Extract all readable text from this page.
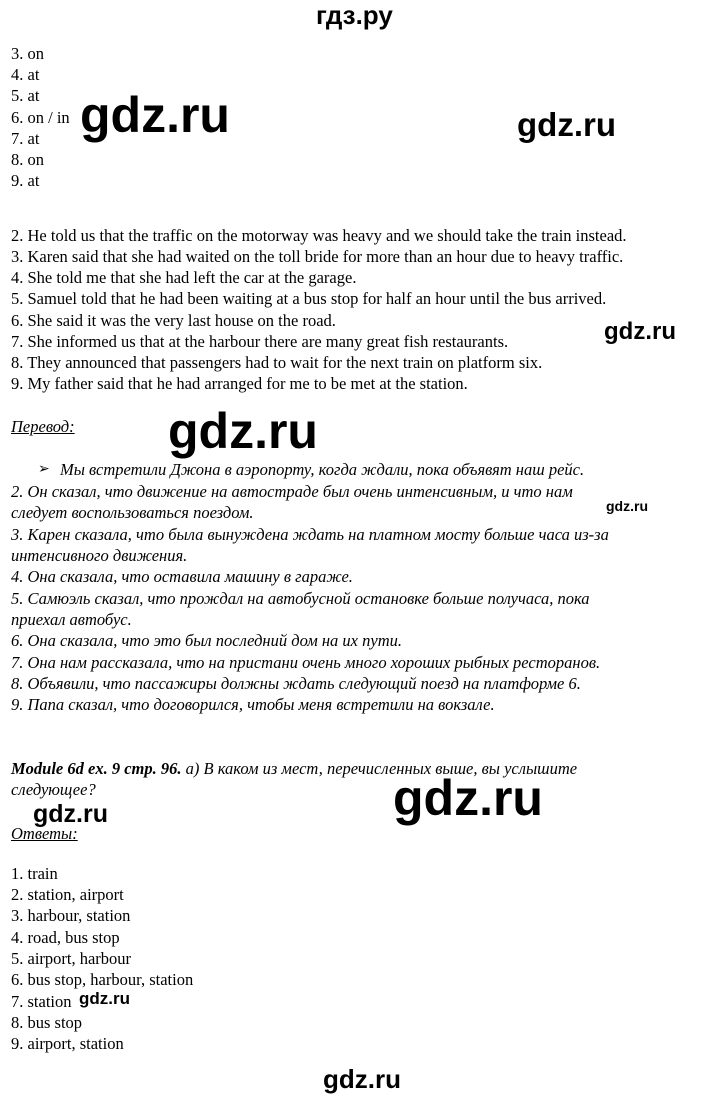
гдз.ру
3. on
4. at
5. at
6. on / in
7. at
8. on
9. at
2. He told us that the traffic on the motorway was heavy and we should take the train instead.
3. Karen said that she had waited on the toll bride for more than an hour due to heavy traffic.
4. She told me that she had left the car at the garage.
5. Samuel told that he had been waiting at a bus stop for half an hour until the bus arrived.
6. She said it was the very last house on the road.
7. She informed us that at the harbour there are many great fish restaurants.
8. They announced that passengers had to wait for the next train on platform six.
9. My father said that he had arranged for me to be met at the station.
Перевод:
➢ Мы встретили Джона в аэропорту, когда ждали, пока объявят наш рейс.
2. Он сказал, что движение на автостраде был очень интенсивным, и что нам
следует воспользоваться поездом.
3. Карен сказала, что была вынуждена ждать на платном мосту больше часа из-за
интенсивного движения.
4. Она сказала, что оставила машину в гараже.
5. Самюэль сказал, что прождал на автобусной остановке больше получаса, пока
приехал автобус.
6. Она сказала, что это был последний дом на их пути.
7. Она нам рассказала, что на пристани очень много хороших рыбных ресторанов.
8. Объявили, что пассажиры должны ждать следующий поезд на платформе 6.
9. Папа сказал, что договорился, чтобы меня встретили на вокзале.
Module 6d ex. 9 стр. 96. а) В каком из мест, перечисленных выше, вы услышите
следующее?
Ответы:
1. train
2. station, airport
3. harbour, station
4. road, bus stop
5. airport, harbour
6. bus stop, harbour, station
7. station
8. bus stop
9. airport, station
gdz.ru	gdz.ru
gdz.ru
gdz.ru
gdz.ru
gdz.ru
gdz.ru
gdz.ru
gdz.ru
